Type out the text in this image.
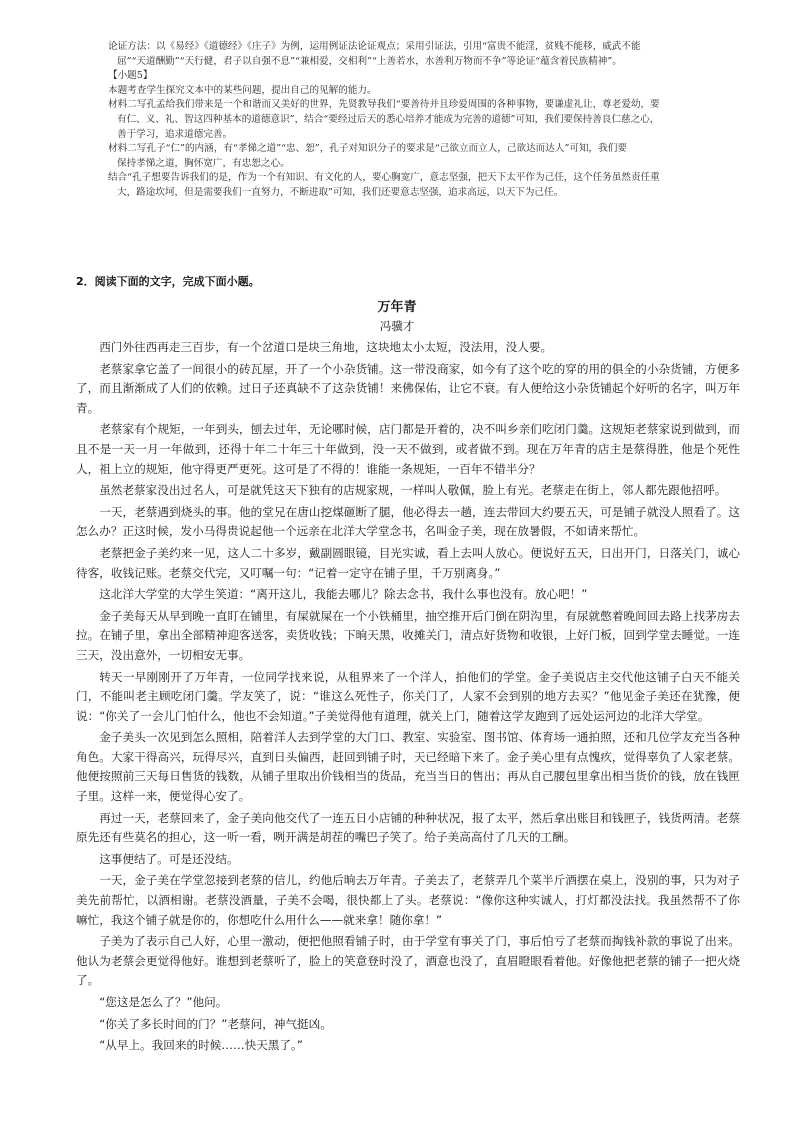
论证方法：以《易经》《道德经》《庄子》为例，运用例证法论证观点；采用引证法，引用“富贵不能淫，贫贱不能移，威武不能

屈”“天道酬勤”“天行健，君子以自强不息”“兼相爱，交相利”“上善若水，水善利万物而不争”等论证“蕴含着民族精神”。

【小题5】

本题考查学生探究文本中的某些问题，提出自己的见解的能力。

材料二写孔孟给我们带来是一个和谐而又美好的世界，先贤教导我们“要善待并且珍爱周围的各种事物，要谦虚礼让，尊老爱幼，要

有仁、义、礼、智这四种基本的道德意识”，结合“要经过后天的悉心培养才能成为完善的道德”可知，我们要保持善良仁慈之心，

善于学习，追求道德完善。

材料二写孔子“仁”的内涵，有“孝悌之道”“忠、恕”，孔子对知识分子的要求是“己欲立而立人，己欲达而达人”可知，我们要

保持孝悌之道，胸怀宽广，有忠恕之心。

结合“孔子想要告诉我们的是，作为一个有知识、有文化的人，要心胸宽广，意志坚强，把天下太平作为己任，这个任务虽然责任重

大，路途坎坷，但是需要我们一直努力，不断进取”可知，我们还要意志坚强，追求高远，以天下为己任。

2．阅读下面的文字，完成下面小题。
万年青
冯骥才

西门外往西再走三百步，有一个岔道口是块三角地，这块地太小太短，没法用，没人要。

老蔡家拿它盖了一间很小的砖瓦屋，开了一个小杂货铺。这一带没商家，如今有了这个吃的穿的用的俱全的小杂货铺，方便多了，而且渐渐成了人们的依赖。过日子还真缺不了这杂货铺！来佛保佑，让它不衰。有人便给这小杂货铺起个好听的名字，叫万年青。

老蔡家有个规矩，一年到头，刨去过年，无论哪时候，店门都是开着的，决不叫乡亲们吃闭门羹。这规矩老蔡家说到做到，而且不是一天一月一年做到，还得十年二十年三十年做到，没一天不做到，或者做不到。现在万年青的店主是蔡得胜，他是个死性人，祖上立的规矩，他守得更严更死。这可是了不得的！谁能一条规矩，一百年不错半分？

虽然老蔡家没出过名人，可是就凭这天下独有的店规家规，一样叫人敬佩，脸上有光。老蔡走在街上，邻人都先跟他招呼。

一天，老蔡遇到烧头的事。他的堂兄在唐山挖煤砸断了腿，他必得去一趟，连去带回大约要五天，可是铺子就没人照看了。这怎么办？正这时候，发小马得贵说起他一个远亲在北洋大学堂念书，名叫金子美，现在放暑假，不如请来帮忙。

老蔡把金子美约来一见，这人二十多岁，戴副圆眼镜，目光实诚，看上去叫人放心。便说好五天，日出开门，日落关门，诚心待客，收钱记账。老蔡交代完，又叮嘱一句：“记着一定守在铺子里，千万别离身。”

这北洋大学堂的大学生笑道：“离开这儿，我能去哪儿？除去念书，我什么事也没有。放心吧！”

金子美每天从早到晚一直盯在铺里，有屎就屎在一个小铁桶里，抽空推开后门倒在阴沟里，有尿就憋着晚间回去路上找茅房去拉。在铺子里，拿出全部精神迎客送客，卖货收钱；下晌天黑，收摊关门，清点好货物和收银，上好门板，回到学堂去睡觉。一连三天，没出意外，一切相安无事。

转天一早刚刚开了万年青，一位同学找来说，从租界来了一个洋人，拍他们的学堂。金子美说店主交代他这铺子白天不能关门，不能叫老主顾吃闭门羹。学友笑了，说：“谁这么死性子，你关门了，人家不会到别的地方去买？”他见金子美还在犹豫，便说：“你关了一会儿门怕什么，他也不会知道。”子美觉得他有道理，就关上门，随着这学友跑到了远处运河边的北洋大学堂。

金子美头一次见到怎么照相，陪着洋人去到学堂的大门口、教室、实验室、图书馆、体育场一通拍照，还和几位学友充当各种角色。大家干得高兴，玩得尽兴，直到日头偏西，赶回到铺子时，天已经暗下来了。金子美心里有点愧疚，觉得辜负了人家老蔡。他便按照前三天每日售货的钱数，从铺子里取出价钱相当的货品，充当当日的售出；再从自己腰包里拿出相当货价的钱，放在钱匣子里。这样一来，便觉得心安了。

再过一天，老蔡回来了，金子美向他交代了一连五日小店铺的种种状况，报了太平，然后拿出账目和钱匣子，钱货两清。老蔡原先还有些莫名的担心，这一听一看，咧开满是胡茬的嘴巴子笑了。给子美高高付了几天的工酬。

这事便结了。可是还没结。

一天，金子美在学堂忽接到老蔡的信儿，约他后晌去万年青。子美去了，老蔡弄几个菜半斤酒摆在桌上，没别的事，只为对子美先前帮忙，以酒相谢。老蔡没酒量，子美不会喝，很快都上了头。老蔡说：“像你这种实诚人，打灯都没法找。我虽然帮不了你嘛忙，我这个铺子就是你的，你想吃什么用什么——就来拿！随你拿！”

子美为了表示自己人好，心里一激动，便把他照看铺子时，由于学堂有事关了门，事后怕亏了老蔡而掏钱补款的事说了出来。他认为老蔡会更觉得他好。谁想到老蔡听了，脸上的笑意登时没了，酒意也没了，直眉瞪眼看着他。好像他把老蔡的铺子一把火烧了。

“您这是怎么了？”他问。

“你关了多长时间的门？”老蔡问，神气挺凶。

“从早上。我回来的时候……快天黑了。”
